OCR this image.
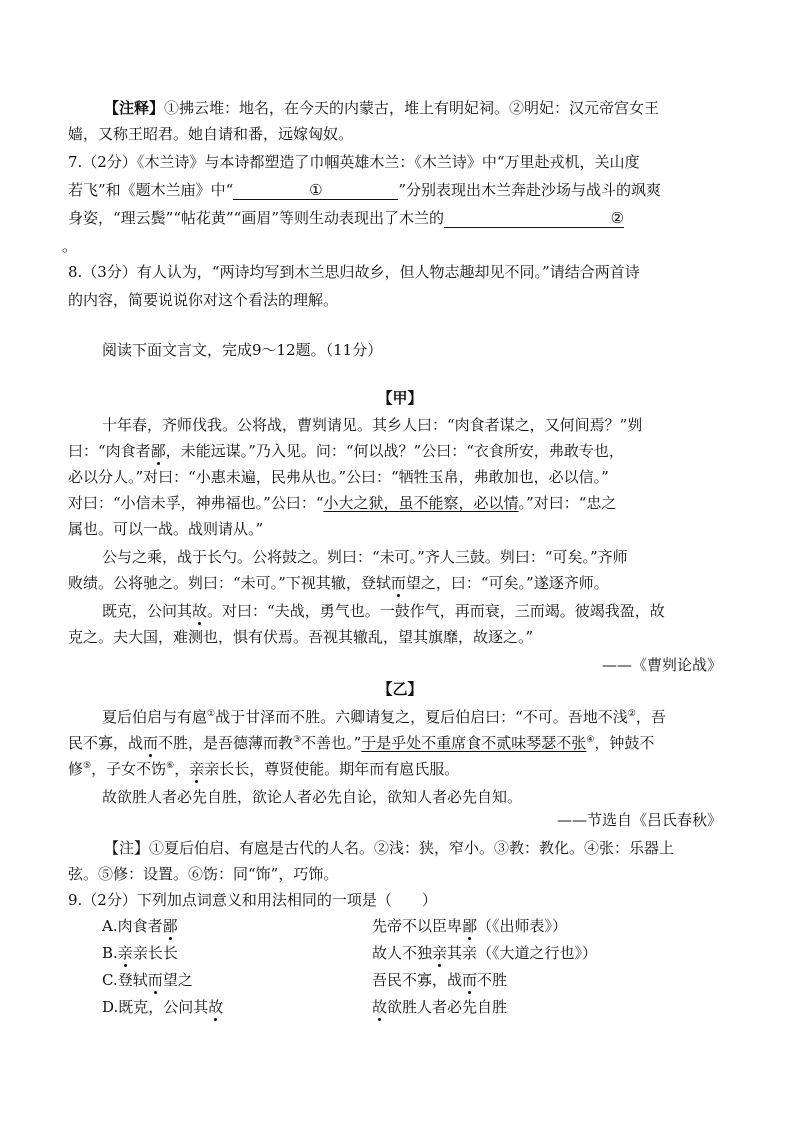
【注释】①拂云堆：地名，在今天的内蒙古，堆上有明妃祠。②明妃：汉元帝宫女王
嫱，又称王昭君。她自请和番，远嫁匈奴。
7.（2分）《木兰诗》与本诗都塑造了巾帼英雄木兰：《木兰诗》中“万里赴戎机，关山度
若飞”和《题木兰庙》中“	①	”分别表现出木兰奔赴沙场与战斗的飒爽
身姿，“理云鬓”“帖花黄”“画眉”等则生动表现出了木兰的	②
。
8.（3分）有人认为，“两诗均写到木兰思归故乡，但人物志趣却见不同。”请结合两首诗
的内容，简要说说你对这个看法的理解。
阅读下面文言文，完成9～12题。（11分）
【甲】
十年春，齐师伐我。公将战，曹刿请见。其乡人曰：“肉食者谋之，又何间焉？”刿
曰：“肉食者鄙，未能远谋。”乃入见。问：“何以战？”公曰：“衣食所安，弗敢专也，
必以分人。”对曰：“小惠未遍，民弗从也。”公曰：“牺牲玉帛，弗敢加也，必以信。”
对曰：“小信未孚，神弗福也。”公曰：“小大之狱，虽不能察，必以情。”对曰：“忠之
属也。可以一战。战则请从。”
公与之乘，战于长勺。公将鼓之。刿曰：“未可。”齐人三鼓。刿曰：“可矣。”齐师
败绩。公将驰之。刿曰：“未可。”下视其辙，登轼而望之，曰：“可矣。”遂逐齐师。
既克，公问其故。对曰：“夫战，勇气也。一鼓作气，再而衰，三而竭。彼竭我盈，故
克之。夫大国，难测也，惧有伏焉。吾视其辙乱，望其旗靡，故逐之。”
——《曹刿论战》
【乙】
夏后伯启与有扈①战于甘泽而不胜。六卿请复之，夏后伯启曰：“不可。吾地不浅②，吾
民不寡，战而不胜，是吾德薄而教③不善也。”于是乎处不重席食不贰味琴瑟不张④，钟鼓不
修⑤，子女不饬⑥，亲亲长长，尊贤使能。期年而有扈氏服。
故欲胜人者必先自胜，欲论人者必先自论，欲知人者必先自知。
——节选自《吕氏春秋》
【注】①夏后伯启、有扈是古代的人名。②浅：狭，窄小。③教：教化。④张：乐器上
弦。⑤修：设置。⑥饬：同“饰”，巧饰。
9.（2分）下列加点词意义和用法相同的一项是（　　）
A.肉食者鄙	先帝不以臣卑鄙（《出师表》）
B.亲亲长长	故人不独亲其亲（《大道之行也》）
C.登轼而望之	吾民不寡，战而不胜
D.既克，公问其故	故欲胜人者必先自胜
